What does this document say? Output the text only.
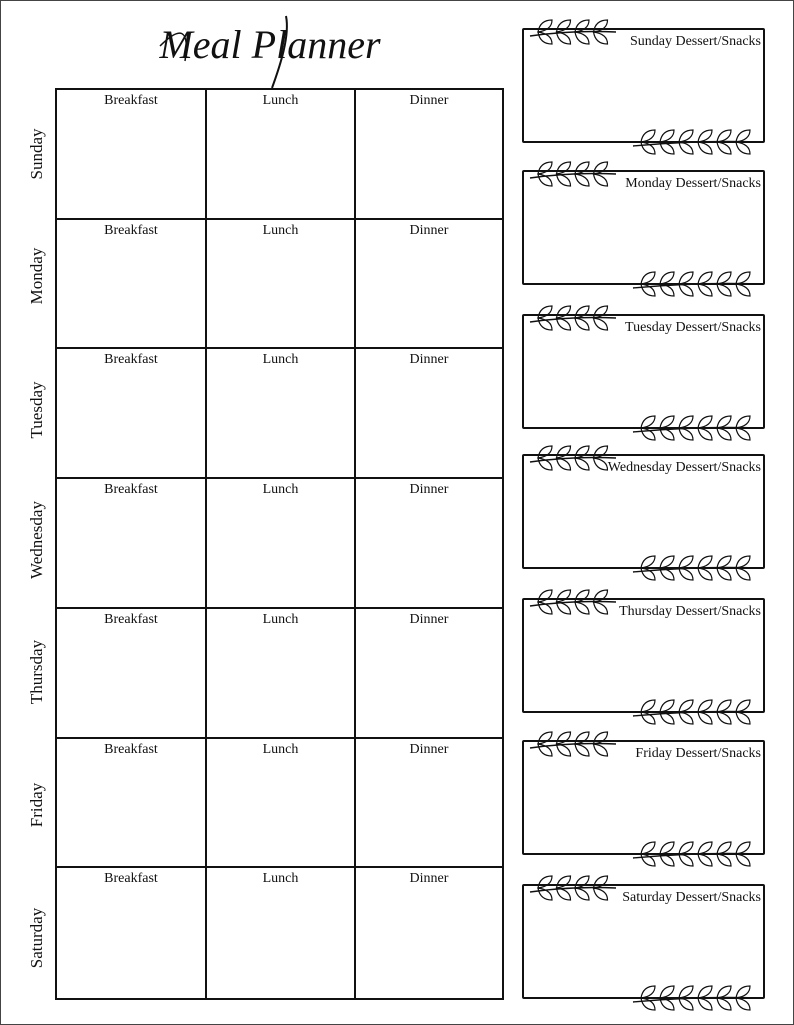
Meal Planner
Sunday
Monday
Tuesday
Wednesday
Thursday
Friday
Saturday
Breakfast	Lunch	Dinner
Breakfast	Lunch	Dinner
Breakfast	Lunch	Dinner
Breakfast	Lunch	Dinner
Breakfast	Lunch	Dinner
Breakfast	Lunch	Dinner
Breakfast	Lunch	Dinner
Sunday Dessert/Snacks
Monday Dessert/Snacks
Tuesday Dessert/Snacks
Wednesday Dessert/Snacks
Thursday Dessert/Snacks
Friday Dessert/Snacks
Saturday Dessert/Snacks
